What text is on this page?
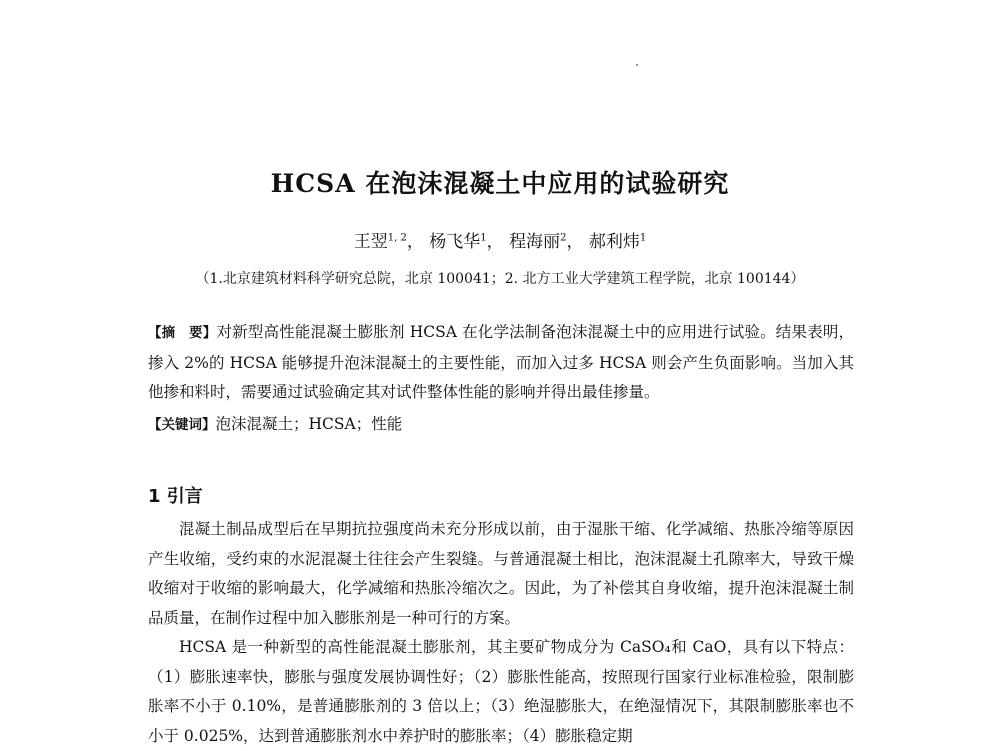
HCSA 在泡沫混凝土中应用的试验研究
王翌$^{1, 2}$， 杨飞华$^1$， 程海丽$^2$， 郝利炜$^1$
（1.北京建筑材料科学研究总院，北京 100041；2. 北方工业大学建筑工程学院，北京 100144）
【摘　要】对新型高性能混凝土膨胀剂 HCSA 在化学法制备泡沫混凝土中的应用进行试验。结果表明，掺入 2%的 HCSA 能够提升泡沫混凝土的主要性能，而加入过多 HCSA 则会产生负面影响。当加入其他掺和料时，需要通过试验确定其对试件整体性能的影响并得出最佳掺量。
【关键词】泡沫混凝土；HCSA；性能
1 引言
混凝土制品成型后在早期抗拉强度尚未充分形成以前，由于湿胀干缩、化学减缩、热胀冷缩等原因产生收缩，受约束的水泥混凝土往往会产生裂缝。与普通混凝土相比，泡沫混凝土孔隙率大，导致干燥收缩对于收缩的影响最大，化学减缩和热胀冷缩次之。因此，为了补偿其自身收缩，提升泡沫混凝土制品质量，在制作过程中加入膨胀剂是一种可行的方案。
HCSA 是一种新型的高性能混凝土膨胀剂，其主要矿物成分为 CaSO₄和 CaO，具有以下特点：（1）膨胀速率快，膨胀与强度发展协调性好；（2）膨胀性能高，按照现行国家行业标准检验，限制膨胀率不小于 0.10%，是普通膨胀剂的 3 倍以上；（3）绝湿膨胀大，在绝湿情况下，其限制膨胀率也不小于 0.025%，达到普通膨胀剂水中养护时的膨胀率；（4）膨胀稳定期
